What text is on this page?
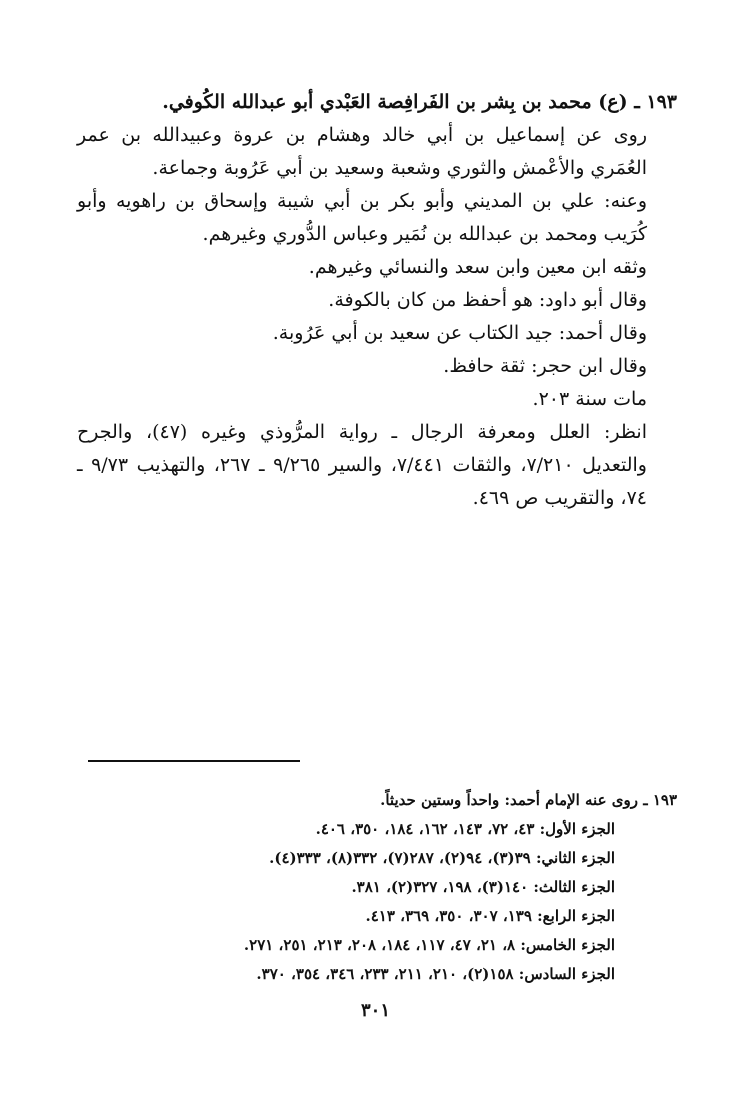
١٩٣ ـ (ع) محمد بن بِشر بن الفَرافِصة العَبْدي أبو عبدالله الكُوفي.

روى عن إسماعيل بن أبي خالد وهشام بن عروة وعبيدالله بن عمر العُمَري والأعْمش والثوري وشعبة وسعيد بن أبي عَرُوبة وجماعة.

وعنه: علي بن المديني وأبو بكر بن أبي شيبة وإسحاق بن راهويه وأبو كُرَيب ومحمد بن عبدالله بن نُمَير وعباس الدُّوري وغيرهم.

وثقه ابن معين وابن سعد والنسائي وغيرهم.

وقال أبو داود: هو أحفظ من كان بالكوفة.

وقال أحمد: جيد الكتاب عن سعيد بن أبي عَرُوبة.

وقال ابن حجر: ثقة حافظ.

مات سنة ٢٠٣.

انظر: العلل ومعرفة الرجال ـ رواية المرُّوذي وغيره (٤٧)، والجرح والتعديل ٧/٢١٠، والثقات ٧/٤٤١، والسير ٩/٢٦٥ ـ ٢٦٧، والتهذيب ٩/٧٣ ـ ٧٤، والتقريب ص ٤٦٩.

١٩٣ ـ روى عنه الإمام أحمد: واحداً وستين حديثاً.

الجزء الأول: ٤٣، ٧٢، ١٤٣، ١٦٢، ١٨٤، ٣٥٠، ٤٠٦.

الجزء الثاني: ٣٩(٣)، ٩٤(٢)، ٢٨٧(٧)، ٣٣٢(٨)، ٣٣٣(٤).

الجزء الثالث: ١٤٠(٣)، ١٩٨، ٣٢٧(٢)، ٣٨١.

الجزء الرابع: ١٣٩، ٣٠٧، ٣٥٠، ٣٦٩، ٤١٣.

الجزء الخامس: ٨، ٢١، ٤٧، ١١٧، ١٨٤، ٢٠٨، ٢١٣، ٢٥١، ٢٧١.

الجزء السادس: ١٥٨(٢)، ٢١٠، ٢١١، ٢٣٣، ٣٤٦، ٣٥٤، ٣٧٠.

٣٠١
